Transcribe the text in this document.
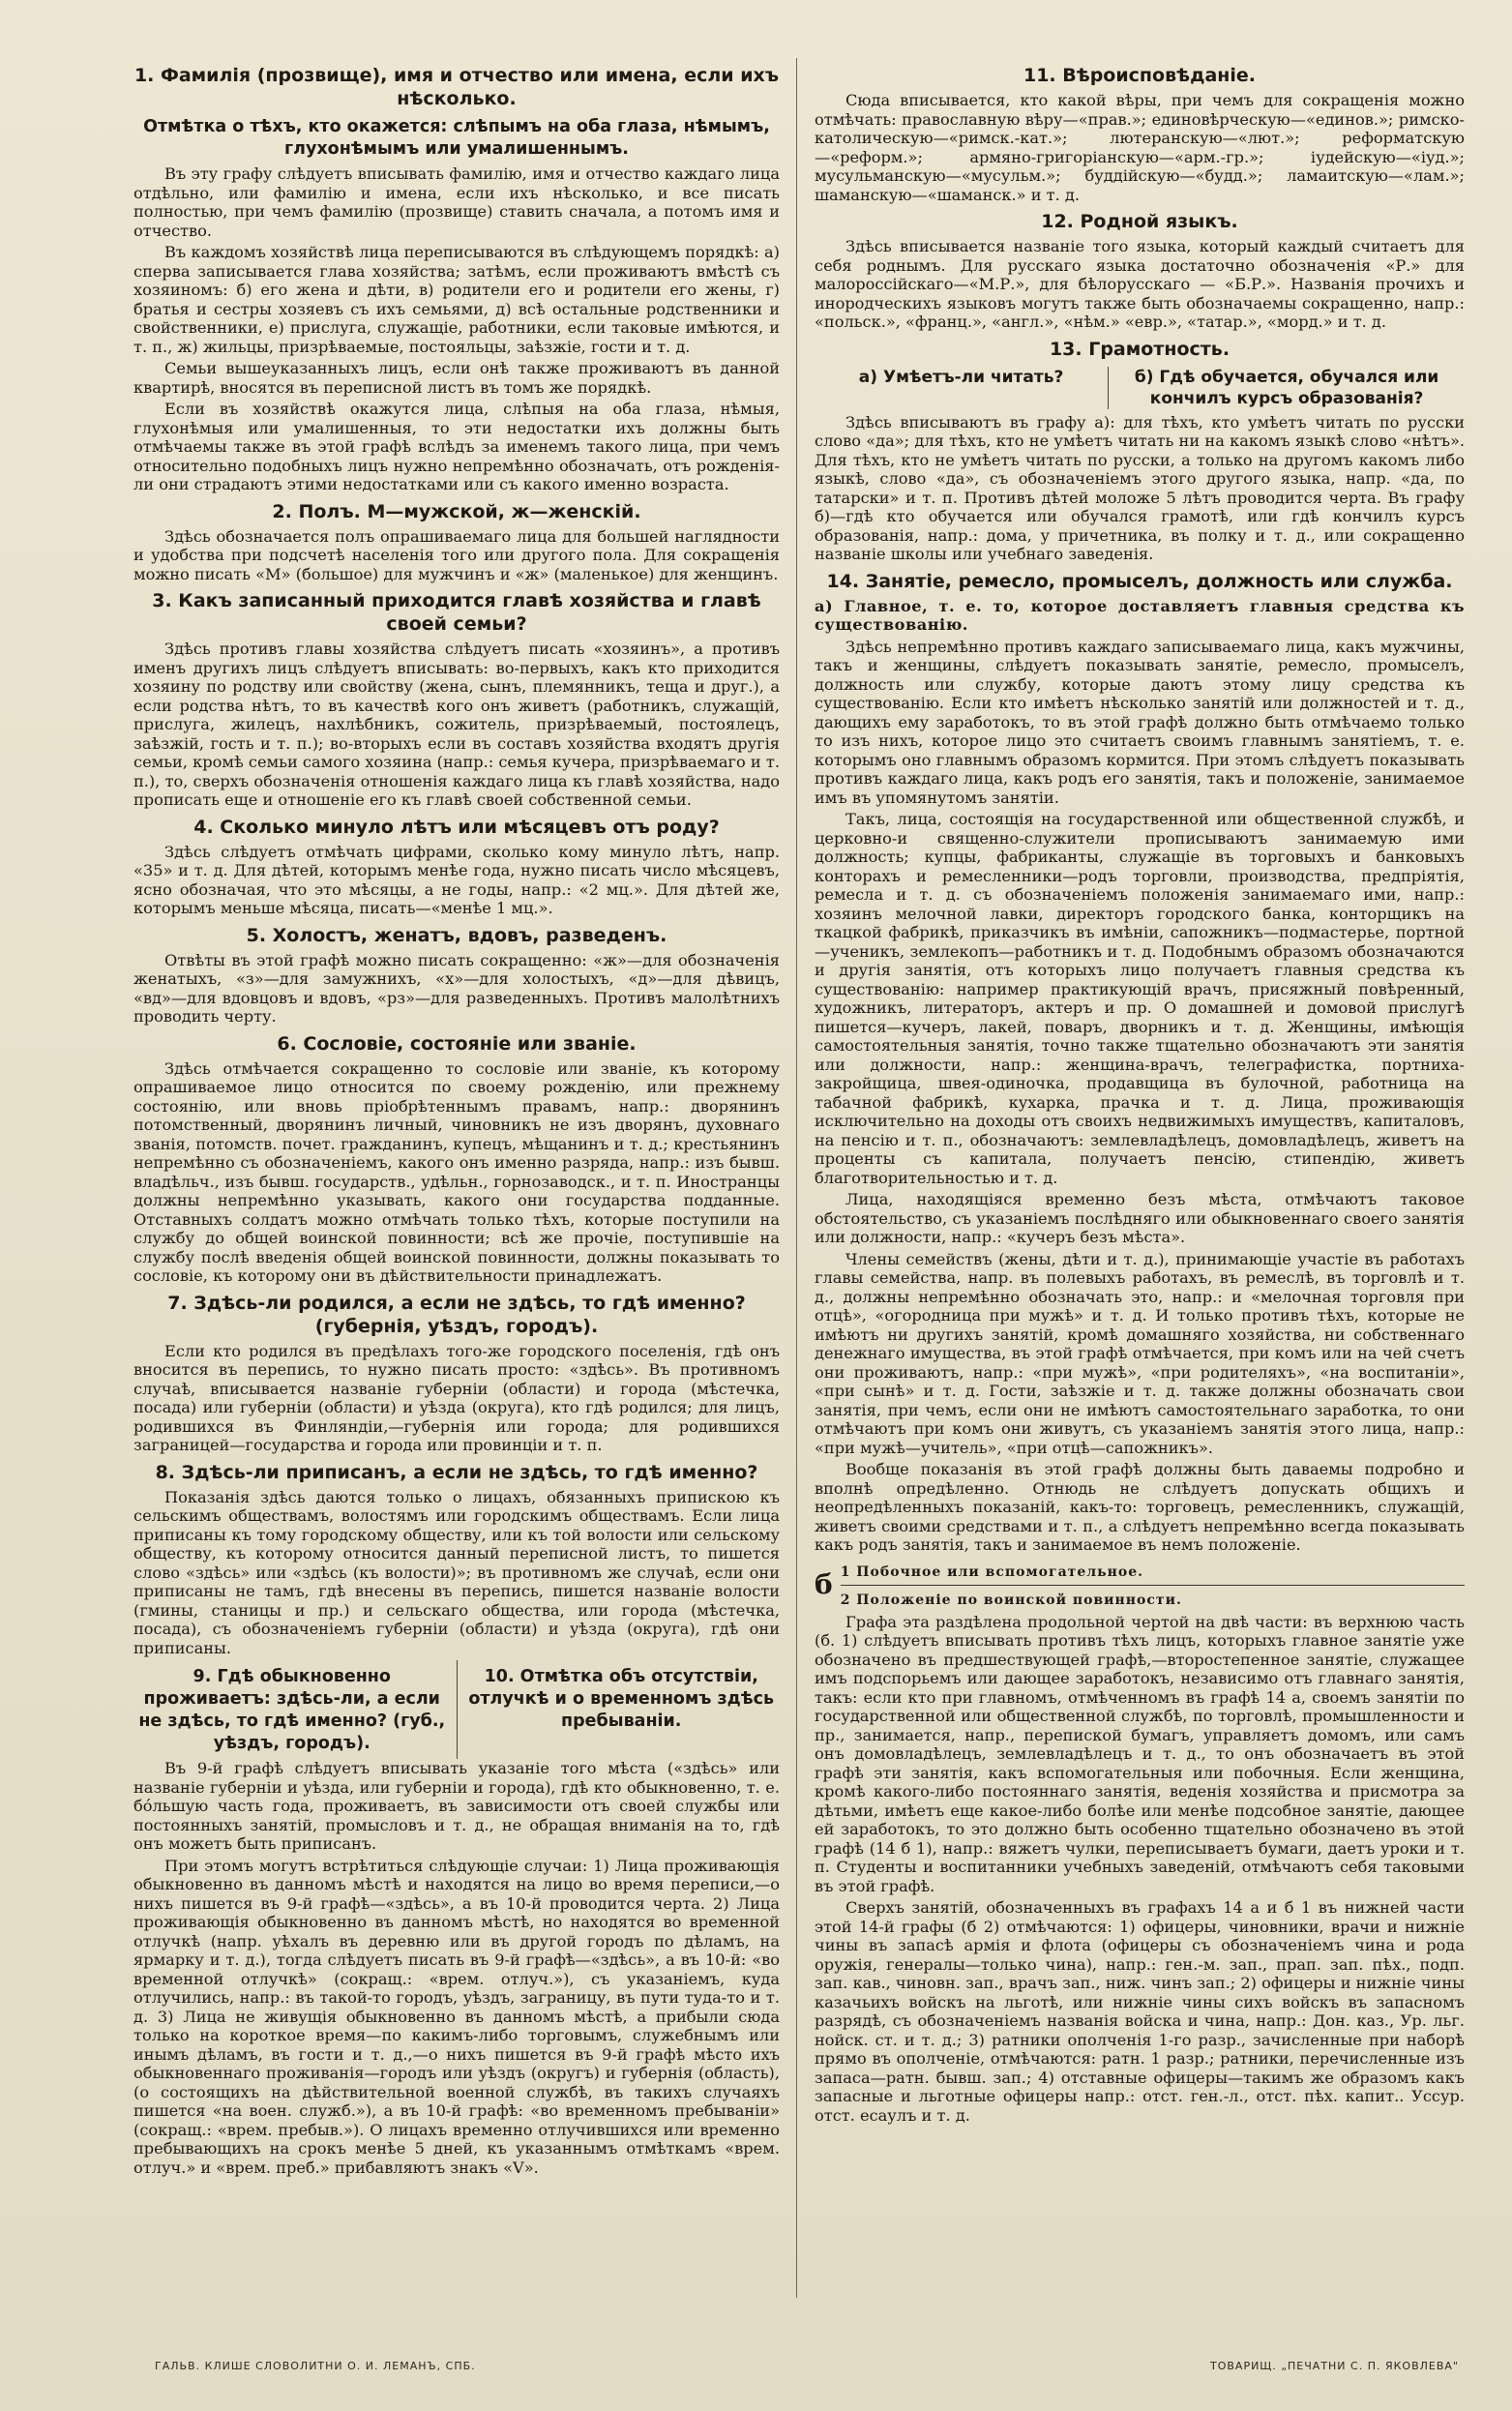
1. Фамилія (прозвище), имя и отчество или имена, если ихъ нѣсколько.
Отмѣтка о тѣхъ, кто окажется: слѣпымъ на оба глаза, нѣмымъ, глухонѣмымъ или умалишеннымъ.

Въ эту графу слѣдуетъ вписывать фамилію, имя и отчество каждаго лица отдѣльно, или фамилію и имена, если ихъ нѣсколько, и все писать полностью, при чемъ фамилію (прозвище) ставить сначала, а потомъ имя и отчество.

Въ каждомъ хозяйствѣ лица переписываются въ слѣдующемъ порядкѣ: а) сперва записывается глава хозяйства; затѣмъ, если проживаютъ вмѣстѣ съ хозяиномъ: б) его жена и дѣти, в) родители его и родители его жены, г) братья и сестры хозяевъ съ ихъ семьями, д) всѣ остальные родственники и свойственники, е) прислуга, служащіе, работники, если таковые имѣются, и т. п., ж) жильцы, призрѣваемые, постояльцы, заѣзжіе, гости и т. д.

Семьи вышеуказанныхъ лицъ, если онѣ также проживаютъ въ данной квартирѣ, вносятся въ переписной листъ въ томъ же порядкѣ.

Если въ хозяйствѣ окажутся лица, слѣпыя на оба глаза, нѣмыя, глухонѣмыя или умалишенныя, то эти недостатки ихъ должны быть отмѣчаемы также въ этой графѣ вслѣдъ за именемъ такого лица, при чемъ относительно подобныхъ лицъ нужно непремѣнно обозначать, отъ рожденія-ли они страдаютъ этими недостатками или съ какого именно возраста.

2. Полъ. М—мужской, ж—женскій.

Здѣсь обозначается полъ опрашиваемаго лица для большей наглядности и удобства при подсчетѣ населенія того или другого пола. Для сокращенія можно писать «М» (большое) для мужчинъ и «ж» (маленькое) для женщинъ.

3. Какъ записанный приходится главѣ хозяйства и главѣ своей семьи?

Здѣсь противъ главы хозяйства слѣдуетъ писать «хозяинъ», а противъ именъ другихъ лицъ слѣдуетъ вписывать: во-первыхъ, какъ кто приходится хозяину по родству или свойству (жена, сынъ, племянникъ, теща и друг.), а если родства нѣтъ, то въ качествѣ кого онъ живетъ (работникъ, служащій, прислуга, жилецъ, нахлѣбникъ, сожитель, призрѣваемый, постоялецъ, заѣзжій, гость и т. п.); во-вторыхъ если въ составъ хозяйства входятъ другія семьи, кромѣ семьи самого хозяина (напр.: семья кучера, призрѣваемаго и т. п.), то, сверхъ обозначенія отношенія каждаго лица къ главѣ хозяйства, надо прописать еще и отношеніе его къ главѣ своей собственной семьи.

4. Сколько минуло лѣтъ или мѣсяцевъ отъ роду?

Здѣсь слѣдуетъ отмѣчать цифрами, сколько кому минуло лѣтъ, напр. «35» и т. д. Для дѣтей, которымъ менѣе года, нужно писать число мѣсяцевъ, ясно обозначая, что это мѣсяцы, а не годы, напр.: «2 мц.». Для дѣтей же, которымъ меньше мѣсяца, писать—«менѣе 1 мц.».

5. Холостъ, женатъ, вдовъ, разведенъ.

Отвѣты въ этой графѣ можно писать сокращенно: «ж»—для обозначенія женатыхъ, «з»—для замужнихъ, «х»—для холостыхъ, «д»—для дѣвицъ, «вд»—для вдовцовъ и вдовъ, «рз»—для разведенныхъ. Противъ малолѣтнихъ проводить черту.

6. Сословіе, состояніе или званіе.

Здѣсь отмѣчается сокращенно то сословіе или званіе, къ которому опрашиваемое лицо относится по своему рожденію, или прежнему состоянію, или вновь пріобрѣтеннымъ правамъ, напр.: дворянинъ потомственный, дворянинъ личный, чиновникъ не изъ дворянъ, духовнаго званія, потомств. почет. гражданинъ, купецъ, мѣщанинъ и т. д.; крестьянинъ непремѣнно съ обозначеніемъ, какого онъ именно разряда, напр.: изъ бывш. владѣльч., изъ бывш. государств., удѣльн., горнозаводск., и т. п. Иностранцы должны непремѣнно указывать, какого они государства подданные. Отставныхъ солдатъ можно отмѣчать только тѣхъ, которые поступили на службу до общей воинской повинности; всѣ же прочіе, поступившіе на службу послѣ введенія общей воинской повинности, должны показывать то сословіе, къ которому они въ дѣйствительности принадлежатъ.

7. Здѣсь-ли родился, а если не здѣсь, то гдѣ именно? (губернія, уѣздъ, городъ).

Если кто родился въ предѣлахъ того-же городского поселенія, гдѣ онъ вносится въ перепись, то нужно писать просто: «здѣсь». Въ противномъ случаѣ, вписывается названіе губерніи (области) и города (мѣстечка, посада) или губерніи (области) и уѣзда (округа), кто гдѣ родился; для лицъ, родившихся въ Финляндіи,—губернія или города; для родившихся заграницей—государства и города или провинціи и т. п.

8. Здѣсь-ли приписанъ, а если не здѣсь, то гдѣ именно?

Показанія здѣсь даются только о лицахъ, обязанныхъ припискою къ сельскимъ обществамъ, волостямъ или городскимъ обществамъ. Если лица приписаны къ тому городскому обществу, или къ той волости или сельскому обществу, къ которому относится данный переписной листъ, то пишется слово «здѣсь» или «здѣсь (къ волости)»; въ противномъ же случаѣ, если они приписаны не тамъ, гдѣ внесены въ перепись, пишется названіе волости (гмины, станицы и пр.) и сельскаго общества, или города (мѣстечка, посада), съ обозначеніемъ губерніи (области) и уѣзда (округа), гдѣ они приписаны.

9. Гдѣ обыкновенно проживаетъ: здѣсь-ли, а если не здѣсь, то гдѣ именно? (губ., уѣздъ, городъ).
10. Отмѣтка объ отсутствіи, отлучкѣ и о временномъ здѣсь пребываніи.

Въ 9-й графѣ слѣдуетъ вписывать указаніе того мѣста («здѣсь» или названіе губерніи и уѣзда, или губерніи и города), гдѣ кто обыкновенно, т. е. бо́льшую часть года, проживаетъ, въ зависимости отъ своей службы или постоянныхъ занятій, промысловъ и т. д., не обращая вниманія на то, гдѣ онъ можетъ быть приписанъ.

При этомъ могутъ встрѣтиться слѣдующіе случаи: 1) Лица проживающія обыкновенно въ данномъ мѣстѣ и находятся на лицо во время переписи,—о нихъ пишется въ 9-й графѣ—«здѣсь», а въ 10-й проводится черта. 2) Лица проживающія обыкновенно въ данномъ мѣстѣ, но находятся во временной отлучкѣ (напр. уѣхалъ въ деревню или въ другой городъ по дѣламъ, на ярмарку и т. д.), тогда слѣдуетъ писать въ 9-й графѣ—«здѣсь», а въ 10-й: «во временной отлучкѣ» (сокращ.: «врем. отлуч.»), съ указаніемъ, куда отлучились, напр.: въ такой-то городъ, уѣздъ, заграницу, въ пути туда-то и т. д. 3) Лица не живущія обыкновенно въ данномъ мѣстѣ, а прибыли сюда только на короткое время—по какимъ-либо торговымъ, служебнымъ или инымъ дѣламъ, въ гости и т. д.,—о нихъ пишется въ 9-й графѣ мѣсто ихъ обыкновеннаго проживанія—городъ или уѣздъ (округъ) и губернія (область), (о состоящихъ на дѣйствительной военной службѣ, въ такихъ случаяхъ пишется «на воен. служб.»), а въ 10-й графѣ: «во временномъ пребываніи» (сокращ.: «врем. пребыв.»). О лицахъ временно отлучившихся или временно пребывающихъ на срокъ менѣе 5 дней, къ указаннымъ отмѣткамъ «врем. отлуч.» и «врем. преб.» прибавляютъ знакъ «V».

11. Вѣроисповѣданіе.

Сюда вписывается, кто какой вѣры, при чемъ для сокращенія можно отмѣчать: православную вѣру—«прав.»; единовѣрческую—«единов.»; римско-католическую—«римск.-кат.»; лютеранскую—«лют.»; реформатскую—«реформ.»; армяно-григоріанскую—«арм.-гр.»; іудейскую—«іуд.»; мусульманскую—«мусульм.»; буддійскую—«будд.»; ламаитскую—«лам.»; шаманскую—«шаманск.» и т. д.

12. Родной языкъ.

Здѣсь вписывается названіе того языка, который каждый считаетъ для себя роднымъ. Для русскаго языка достаточно обозначенія «Р.» для малороссійскаго—«М.Р.», для бѣлорусскаго — «Б.Р.». Названія прочихъ и инородческихъ языковъ могутъ также быть обозначаемы сокращенно, напр.: «польск.», «франц.», «англ.», «нѣм.» «евр.», «татар.», «морд.» и т. д.

13. Грамотность.
а) Умѣетъ-ли читать?	б) Гдѣ обучается, обучался или кончилъ курсъ образованія?

Здѣсь вписываютъ въ графу а): для тѣхъ, кто умѣетъ читать по русски слово «да»; для тѣхъ, кто не умѣетъ читать ни на какомъ языкѣ слово «нѣтъ». Для тѣхъ, кто не умѣетъ читать по русски, а только на другомъ какомъ либо языкѣ, слово «да», съ обозначеніемъ этого другого языка, напр. «да, по татарски» и т. п. Противъ дѣтей моложе 5 лѣтъ проводится черта. Въ графу б)—гдѣ кто обучается или обучался грамотѣ, или гдѣ кончилъ курсъ образованія, напр.: дома, у причетника, въ полку и т. д., или сокращенно названіе школы или учебнаго заведенія.

14. Занятіе, ремесло, промыселъ, должность или служба.

а) Главное, т. е. то, которое доставляетъ главныя средства къ существованію.

Здѣсь непремѣнно противъ каждаго записываемаго лица, какъ мужчины, такъ и женщины, слѣдуетъ показывать занятіе, ремесло, промыселъ, должность или службу, которые даютъ этому лицу средства къ существованію. Если кто имѣетъ нѣсколько занятій или должностей и т. д., дающихъ ему заработокъ, то въ этой графѣ должно быть отмѣчаемо только то изъ нихъ, которое лицо это считаетъ своимъ главнымъ занятіемъ, т. е. которымъ оно главнымъ образомъ кормится. При этомъ слѣдуетъ показывать противъ каждаго лица, какъ родъ его занятія, такъ и положеніе, занимаемое имъ въ упомянутомъ занятіи.

Такъ, лица, состоящія на государственной или общественной службѣ, и церковно-и священно-служители прописываютъ занимаемую ими должность; купцы, фабриканты, служащіе въ торговыхъ и банковыхъ конторахъ и ремесленники—родъ торговли, производства, предпріятія, ремесла и т. д. съ обозначеніемъ положенія занимаемаго ими, напр.: хозяинъ мелочной лавки, директоръ городского банка, конторщикъ на ткацкой фабрикѣ, приказчикъ въ имѣніи, сапожникъ—подмастерье, портной—ученикъ, землекопъ—работникъ и т. д. Подобнымъ образомъ обозначаются и другія занятія, отъ которыхъ лицо получаетъ главныя средства къ существованію: например практикующій врачъ, присяжный повѣренный, художникъ, литераторъ, актеръ и пр. О домашней и домовой прислугѣ пишется—кучеръ, лакей, поваръ, дворникъ и т. д. Женщины, имѣющія самостоятельныя занятія, точно также тщательно обозначаютъ эти занятія или должности, напр.: женщина-врачъ, телеграфистка, портниха-закройщица, швея-одиночка, продавщица въ булочной, работница на табачной фабрикѣ, кухарка, прачка и т. д. Лица, проживающія исключительно на доходы отъ своихъ недвижимыхъ имуществъ, капиталовъ, на пенсію и т. п., обозначаютъ: землевладѣлецъ, домовладѣлецъ, живетъ на проценты съ капитала, получаетъ пенсію, стипендію, живетъ благотворительностью и т. д.

Лица, находящіяся временно безъ мѣста, отмѣчаютъ таковое обстоятельство, съ указаніемъ послѣдняго или обыкновеннаго своего занятія или должности, напр.: «кучеръ безъ мѣста».

Члены семействъ (жены, дѣти и т. д.), принимающіе участіе въ работахъ главы семейства, напр. въ полевыхъ работахъ, въ ремеслѣ, въ торговлѣ и т. д., должны непремѣнно обозначать это, напр.: и «мелочная торговля при отцѣ», «огородница при мужѣ» и т. д. И только противъ тѣхъ, которые не имѣютъ ни другихъ занятій, кромѣ домашняго хозяйства, ни собственнаго денежнаго имущества, въ этой графѣ отмѣчается, при комъ или на чей счетъ они проживаютъ, напр.: «при мужѣ», «при родителяхъ», «на воспитаніи», «при сынѣ» и т. д. Гости, заѣзжіе и т. д. также должны обозначать свои занятія, при чемъ, если они не имѣютъ самостоятельнаго заработка, то они отмѣчаютъ при комъ они живутъ, съ указаніемъ занятія этого лица, напр.: «при мужѣ—учитель», «при отцѣ—сапожникъ».

Вообще показанія въ этой графѣ должны быть даваемы подробно и вполнѣ опредѣленно. Отнюдь не слѣдуетъ допускать общихъ и неопредѣленныхъ показаній, какъ-то: торговецъ, ремесленникъ, служащій, живетъ своими средствами и т. п., а слѣдуетъ непремѣнно всегда показывать какъ родъ занятія, такъ и занимаемое въ немъ положеніе.

б 1 Побочное или вспомогательное.
2 Положеніе по воинской повинности.

Графа эта раздѣлена продольной чертой на двѣ части: въ верхнюю часть (б. 1) слѣдуетъ вписывать противъ тѣхъ лицъ, которыхъ главное занятіе уже обозначено въ предшествующей графѣ,—второстепенное занятіе, служащее имъ подспорьемъ или дающее заработокъ, независимо отъ главнаго занятія, такъ: если кто при главномъ, отмѣченномъ въ графѣ 14 а, своемъ занятіи по государственной или общественной службѣ, по торговлѣ, промышленности и пр., занимается, напр., перепиской бумагъ, управляетъ домомъ, или самъ онъ домовладѣлецъ, землевладѣлецъ и т. д., то онъ обозначаетъ въ этой графѣ эти занятія, какъ вспомогательныя или побочныя. Если женщина, кромѣ какого-либо постояннаго занятія, веденія хозяйства и присмотра за дѣтьми, имѣетъ еще какое-либо болѣе или менѣе подсобное занятіе, дающее ей заработокъ, то это должно быть особенно тщательно обозначено въ этой графѣ (14 б 1), напр.: вяжетъ чулки, переписываетъ бумаги, даетъ уроки и т. п. Студенты и воспитанники учебныхъ заведеній, отмѣчаютъ себя таковыми въ этой графѣ.

Сверхъ занятій, обозначенныхъ въ графахъ 14 а и б 1 въ нижней части этой 14-й графы (б 2) отмѣчаются: 1) офицеры, чиновники, врачи и нижніе чины въ запасѣ армія и флота (офицеры съ обозначеніемъ чина и рода оружія, генералы—только чина), напр.: ген.-м. зап., прап. зап. пѣх., подп. зап. кав., чиновн. зап., врачъ зап., ниж. чинъ зап.; 2) офицеры и нижніе чины казачьихъ войскъ на льготѣ, или нижніе чины сихъ войскъ въ запасномъ разрядѣ, съ обозначеніемъ названія войска и чина, напр.: Дон. каз., Ур. льг. нойск. ст. и т. д.; 3) ратники ополченія 1-го разр., зачисленные при наборѣ прямо въ ополченіе, отмѣчаются: ратн. 1 разр.; ратники, перечисленные изъ запаса—ратн. бывш. зап.; 4) отставные офицеры—такимъ же образомъ какъ запасные и льготные офицеры напр.: отст. ген.-л., отст. пѣх. капит.. Усcур. отст. есаулъ и т. д.

ГАЛЬВ. КЛИШЕ СЛОВОЛИТНИ О. И. ЛЕМАНЪ, СПБ.	ТОВАРИЩ. „ПЕЧАТНИ С. П. ЯКОВЛЕВА"
